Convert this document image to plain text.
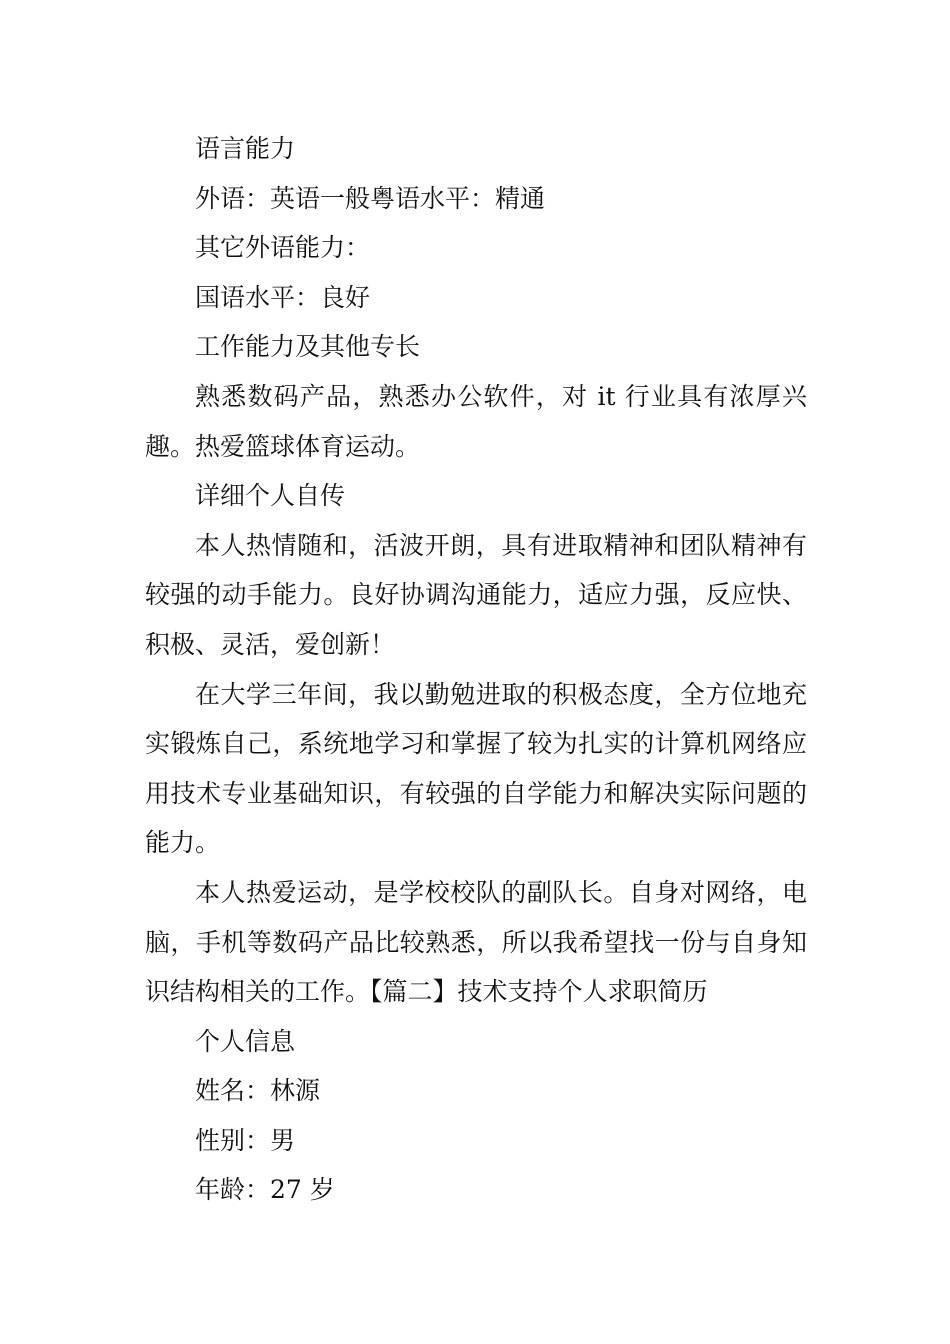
语言能力

外语：英语一般粤语水平：精通

其它外语能力：

国语水平：良好

工作能力及其他专长

熟悉数码产品，熟悉办公软件，对 it 行业具有浓厚兴趣。热爱篮球体育运动。

详细个人自传

本人热情随和，活波开朗，具有进取精神和团队精神有较强的动手能力。良好协调沟通能力，适应力强，反应快、积极、灵活，爱创新！

在大学三年间，我以勤勉进取的积极态度，全方位地充实锻炼自己，系统地学习和掌握了较为扎实的计算机网络应用技术专业基础知识，有较强的自学能力和解决实际问题的能力。

本人热爱运动，是学校校队的副队长。自身对网络，电脑，手机等数码产品比较熟悉，所以我希望找一份与自身知识结构相关的工作。【篇二】技术支持个人求职简历

个人信息

姓名：林源

性别：男

年龄：27 岁
